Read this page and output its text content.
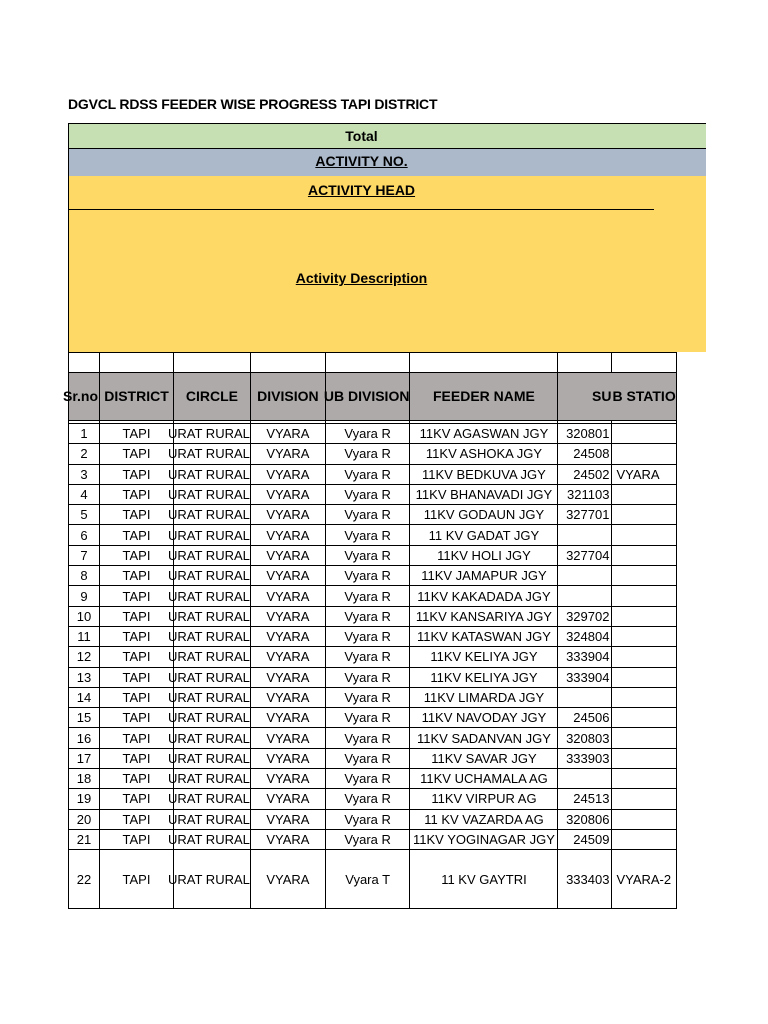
DGVCL RDSS FEEDER WISE PROGRESS TAPI DISTRICT
Total
ACTIVITY NO.
ACTIVITY HEAD
Activity Description

Sr.no	DISTRICT	CIRCLE	DIVISION	UB DIVISION	FEEDER NAME	SU	B STATIO

1	TAPI	URAT RURAL	VYARA	Vyara R	11KV AGASWAN JGY	320801	
2	TAPI	URAT RURAL	VYARA	Vyara R	11KV ASHOKA JGY	24508	
3	TAPI	URAT RURAL	VYARA	Vyara R	11KV BEDKUVA JGY	24502	VYARA
4	TAPI	URAT RURAL	VYARA	Vyara R	11KV BHANAVADI JGY	321103	
5	TAPI	URAT RURAL	VYARA	Vyara R	11KV GODAUN JGY	327701	
6	TAPI	URAT RURAL	VYARA	Vyara R	11 KV GADAT JGY		
7	TAPI	URAT RURAL	VYARA	Vyara R	11KV HOLI JGY	327704	
8	TAPI	URAT RURAL	VYARA	Vyara R	11KV JAMAPUR JGY		
9	TAPI	URAT RURAL	VYARA	Vyara R	11KV KAKADADA JGY		
10	TAPI	URAT RURAL	VYARA	Vyara R	11KV KANSARIYA JGY	329702	
11	TAPI	URAT RURAL	VYARA	Vyara R	11KV KATASWAN JGY	324804	
12	TAPI	URAT RURAL	VYARA	Vyara R	11KV KELIYA JGY	333904	
13	TAPI	URAT RURAL	VYARA	Vyara R	11KV KELIYA JGY	333904	
14	TAPI	URAT RURAL	VYARA	Vyara R	11KV LIMARDA JGY		
15	TAPI	URAT RURAL	VYARA	Vyara R	11KV NAVODAY JGY	24506	
16	TAPI	URAT RURAL	VYARA	Vyara R	11KV SADANVAN JGY	320803	
17	TAPI	URAT RURAL	VYARA	Vyara R	11KV SAVAR JGY	333903	
18	TAPI	URAT RURAL	VYARA	Vyara R	11KV UCHAMALA AG		
19	TAPI	URAT RURAL	VYARA	Vyara R	11KV VIRPUR AG	24513	
20	TAPI	URAT RURAL	VYARA	Vyara R	11 KV VAZARDA AG	320806	
21	TAPI	URAT RURAL	VYARA	Vyara R	11KV YOGINAGAR JGY	24509	
22	TAPI	URAT RURAL	VYARA	Vyara T	11 KV GAYTRI	333403	VYARA-2
